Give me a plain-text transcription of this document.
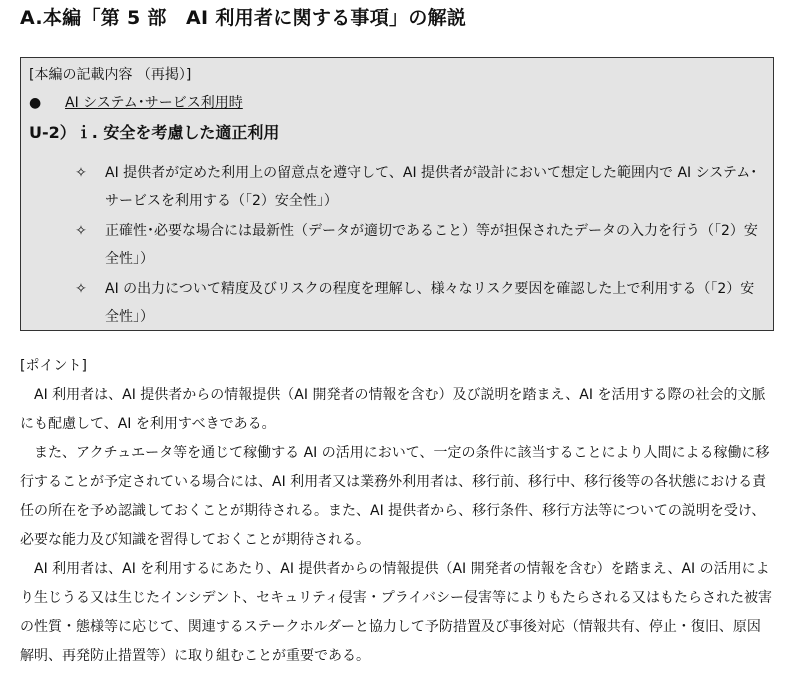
A.本編「第 5 部　AI 利用者に関する事項」の解説
[本編の記載内容 （再掲）]
● AI システム･サービス利用時
U-2）ｉ. 安全を考慮した適正利用
✧ AI 提供者が定めた利用上の留意点を遵守して、AI 提供者が設計において想定した範囲内で AI システム･サービスを利用する（「2）安全性」）
✧ 正確性･必要な場合には最新性（データが適切であること）等が担保されたデータの入力を行う（「2）安全性」）
✧ AI の出力について精度及びリスクの程度を理解し、様々なリスク要因を確認した上で利用する（「2）安全性」）
[ポイント]
AI 利用者は、AI 提供者からの情報提供（AI 開発者の情報を含む）及び説明を踏まえ、AI を活用する際の社会的文脈にも配慮して、AI を利用すべきである。
また、アクチュエータ等を通じて稼働する AI の活用において、一定の条件に該当することにより人間による稼働に移行することが予定されている場合には、AI 利用者又は業務外利用者は、移行前、移行中、移行後等の各状態における責任の所在を予め認識しておくことが期待される。また、AI 提供者から、移行条件、移行方法等についての説明を受け、必要な能力及び知識を習得しておくことが期待される。
AI 利用者は、AI を利用するにあたり、AI 提供者からの情報提供（AI 開発者の情報を含む）を踏まえ、AI の活用により生じうる又は生じたインシデント、セキュリティ侵害・プライバシー侵害等によりもたらされる又はもたらされた被害の性質・態様等に応じて、関連するステークホルダーと協力して予防措置及び事後対応（情報共有、停止・復旧、原因解明、再発防止措置等）に取り組むことが重要である。
